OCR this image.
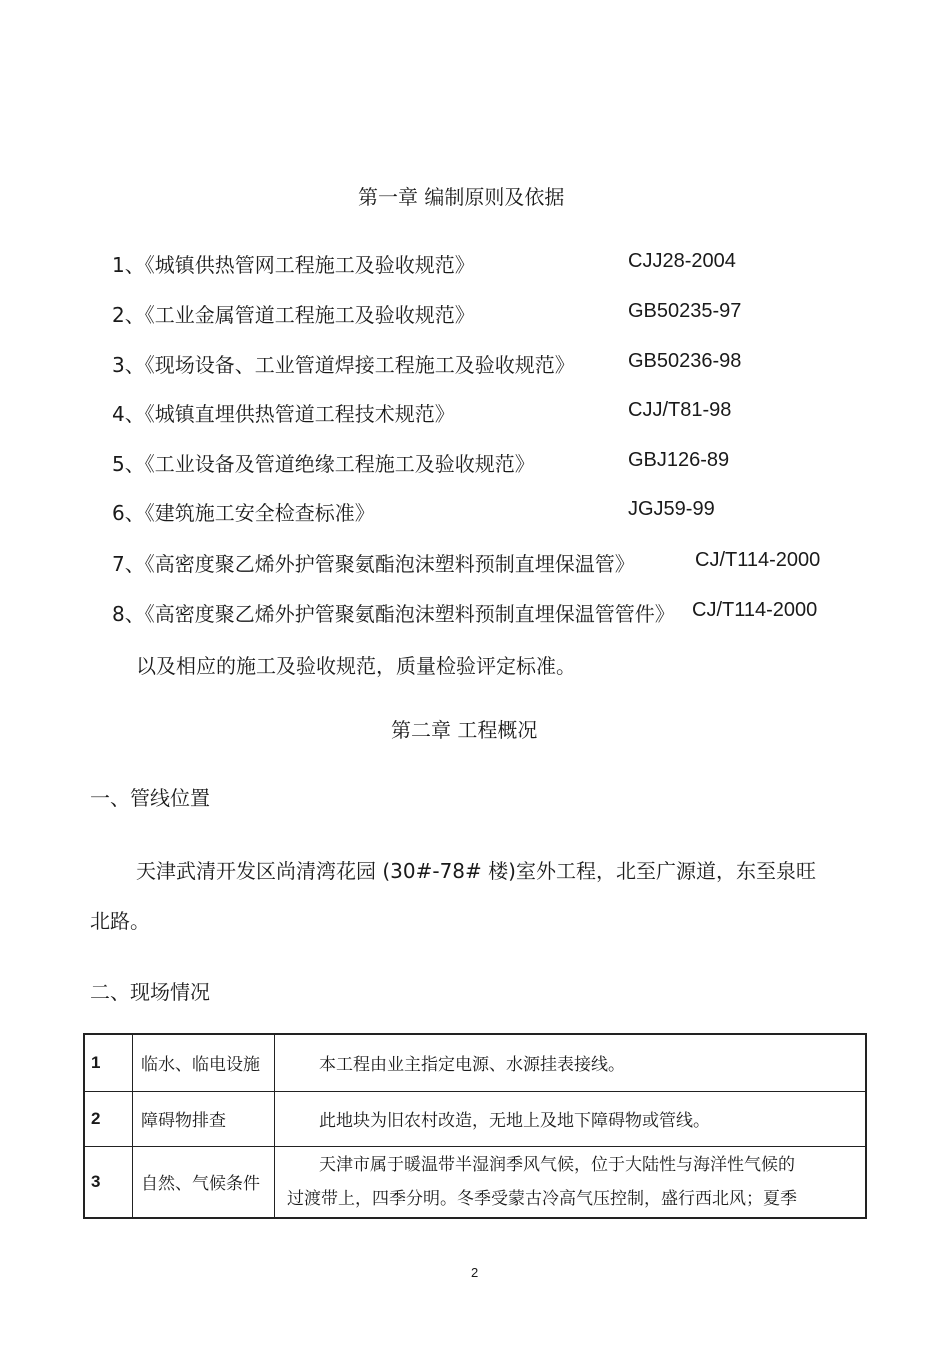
第一章 编制原则及依据
1、《城镇供热管网工程施工及验收规范》	CJJ28-2004
2、《工业金属管道工程施工及验收规范》	GB50235-97
3、《现场设备、工业管道焊接工程施工及验收规范》	GB50236-98
4、《城镇直埋供热管道工程技术规范》	CJJ/T81-98
5、《工业设备及管道绝缘工程施工及验收规范》	GBJ126-89
6、《建筑施工安全检查标准》	JGJ59-99
7、《高密度聚乙烯外护管聚氨酯泡沫塑料预制直埋保温管》	CJ/T114-2000
8、《高密度聚乙烯外护管聚氨酯泡沫塑料预制直埋保温管管件》 CJ/T114-2000
以及相应的施工及验收规范，质量检验评定标准。
第二章 工程概况
一、管线位置
天津武清开发区尚清湾花园 (30#-78# 楼)室外工程，北至广源道，东至泉旺
北路。
二、现场情况
1	临水、临电设施	本工程由业主指定电源、水源挂表接线。

2	障碍物排查	此地块为旧农村改造，无地上及地下障碍物或管线。

3	自然、气候条件	天津市属于暖温带半湿润季风气候，位于大陆性与海洋性气候的
过渡带上，四季分明。冬季受蒙古冷高气压控制，盛行西北风；夏季
2
